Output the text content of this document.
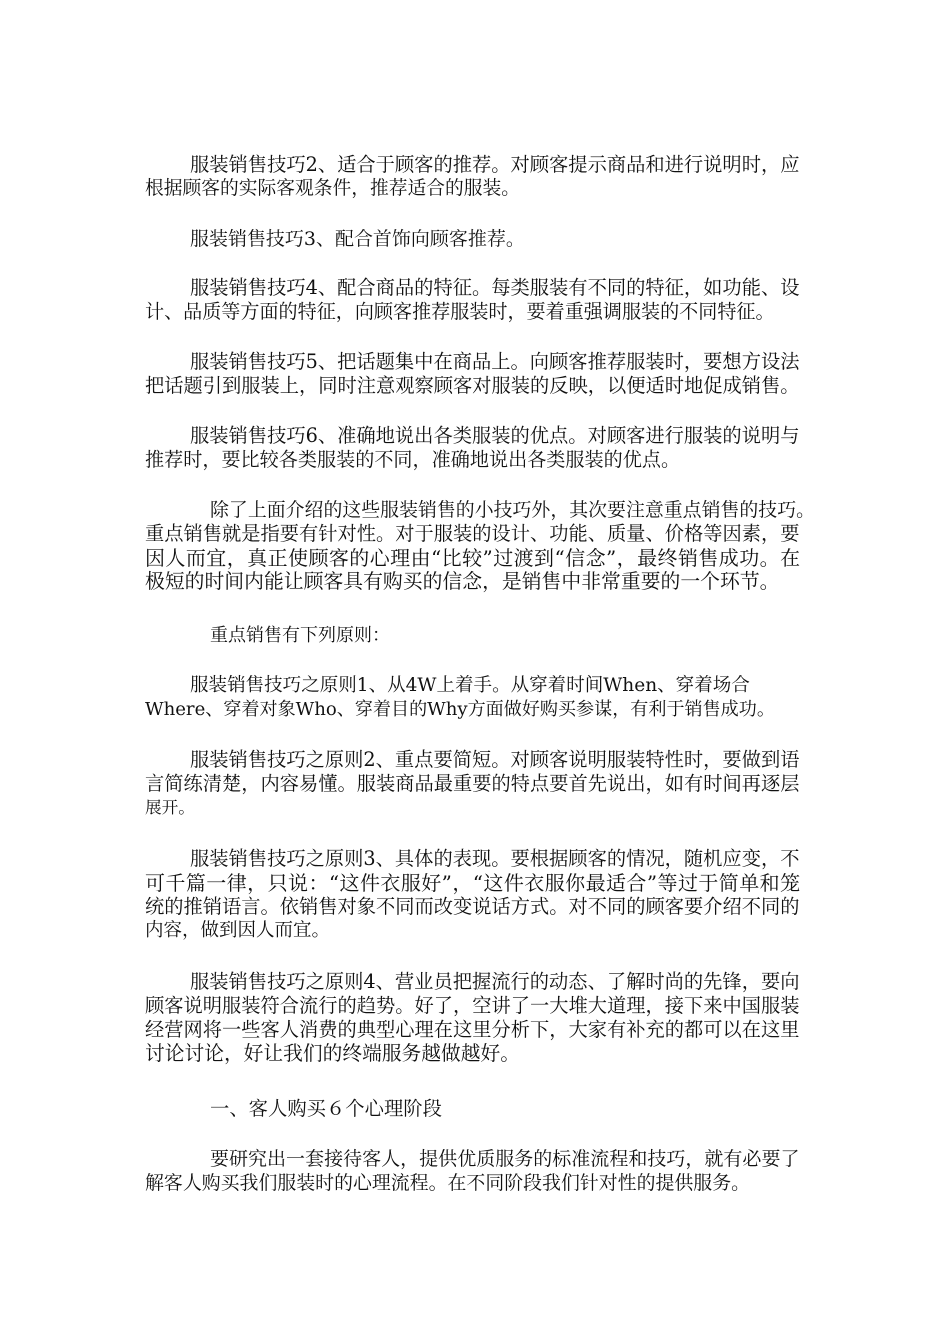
服装销售技巧2、适合于顾客的推荐。对顾客提示商品和进行说明时，应
根据顾客的实际客观条件，推荐适合的服装。
服装销售技巧3、配合首饰向顾客推荐。
服装销售技巧4、配合商品的特征。每类服装有不同的特征，如功能、设
计、品质等方面的特征，向顾客推荐服装时，要着重强调服装的不同特征。
服装销售技巧5、把话题集中在商品上。向顾客推荐服装时，要想方设法
把话题引到服装上，同时注意观察顾客对服装的反映，以便适时地促成销售。
服装销售技巧6、准确地说出各类服装的优点。对顾客进行服装的说明与
推荐时，要比较各类服装的不同，准确地说出各类服装的优点。
除了上面介绍的这些服装销售的小技巧外，其次要注意重点销售的技巧。
重点销售就是指要有针对性。对于服装的设计、功能、质量、价格等因素，要
因人而宜，真正使顾客的心理由“比较”过渡到“信念”，最终销售成功。在
极短的时间内能让顾客具有购买的信念，是销售中非常重要的一个环节。
重点销售有下列原则：
服装销售技巧之原则1、从4W上着手。从穿着时间When、穿着场合
Where、穿着对象Who、穿着目的Why方面做好购买参谋，有利于销售成功。
服装销售技巧之原则2、重点要简短。对顾客说明服装特性时，要做到语
言简练清楚，内容易懂。服装商品最重要的特点要首先说出，如有时间再逐层
展开。
服装销售技巧之原则3、具体的表现。要根据顾客的情况，随机应变，不
可千篇一律，只说：“这件衣服好”，“这件衣服你最适合”等过于简单和笼
统的推销语言。依销售对象不同而改变说话方式。对不同的顾客要介绍不同的
内容，做到因人而宜。
服装销售技巧之原则4、营业员把握流行的动态、了解时尚的先锋，要向
顾客说明服装符合流行的趋势。好了，空讲了一大堆大道理，接下来中国服装
经营网将一些客人消费的典型心理在这里分析下，大家有补充的都可以在这里
讨论讨论，好让我们的终端服务越做越好。
一、客人购买６个心理阶段
要研究出一套接待客人，提供优质服务的标准流程和技巧，就有必要了
解客人购买我们服装时的心理流程。在不同阶段我们针对性的提供服务。
